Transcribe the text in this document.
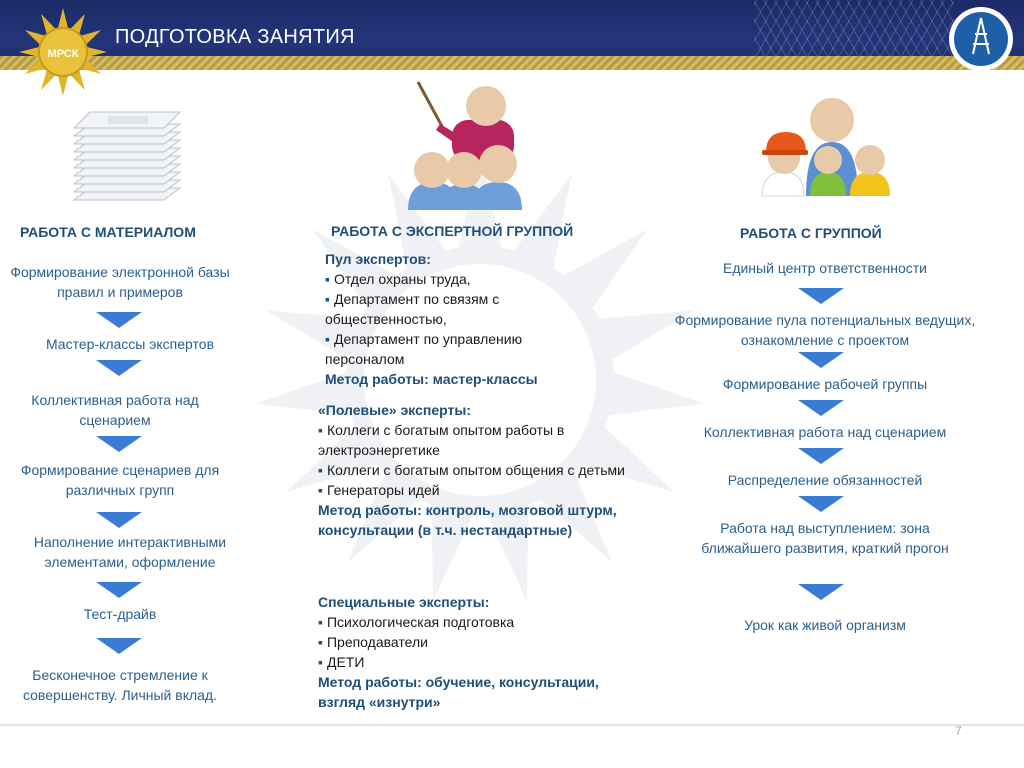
ПОДГОТОВКА ЗАНЯТИЯ
МРСК
РАБОТА С МАТЕРИАЛОМ
Формирование электронной базы правил и примеров
Мастер-классы экспертов
Коллективная работа над сценарием
Формирование сценариев для различных групп
Наполнение интерактивными элементами, оформление
Тест-драйв
Бесконечное стремление к совершенству. Личный вклад.
РАБОТА С ЭКСПЕРТНОЙ ГРУППОЙ
Пул экспертов:
▪ Отдел охраны труда,
▪ Департамент по связям с общественностью,
▪ Департамент по управлению персоналом
Метод работы: мастер-классы
«Полевые» эксперты:
▪ Коллеги с богатым опытом работы в электроэнергетике
▪ Коллеги с богатым опытом общения с детьми
▪ Генераторы идей
Метод работы: контроль, мозговой штурм, консультации (в т.ч. нестандартные)
Специальные эксперты:
▪ Психологическая подготовка
▪ Преподаватели
▪ ДЕТИ
Метод работы: обучение, консультации, взгляд «изнутри»
РАБОТА С ГРУППОЙ
Единый центр ответственности
Формирование пула потенциальных ведущих, ознакомление с проектом
Формирование рабочей группы
Коллективная работа над сценарием
Распределение обязанностей
Работа над выступлением: зона ближайшего развития, краткий прогон
Урок как живой организм
7
